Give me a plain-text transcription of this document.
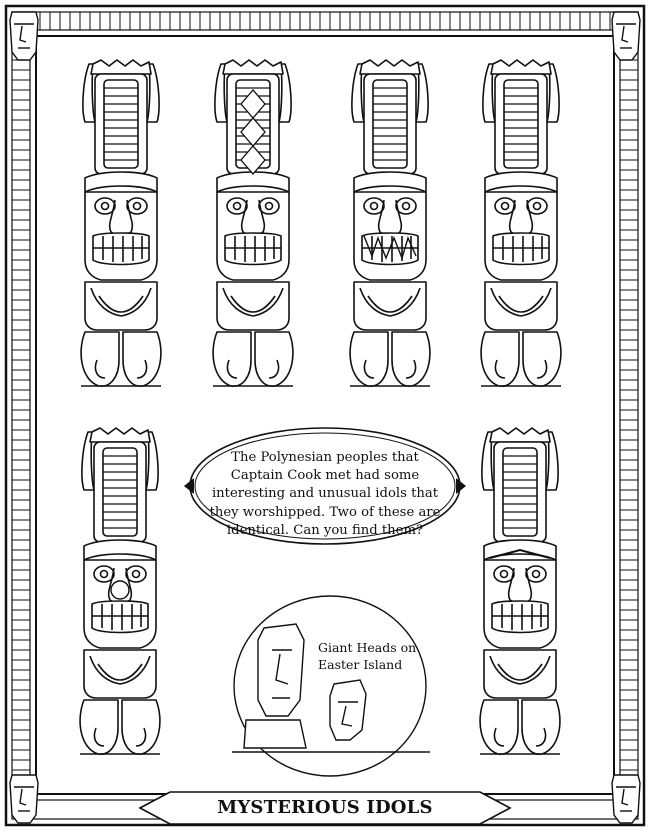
The Polynesian peoples that Captain Cook met had some interesting and unusual idols that they worshipped. Two of these are identical. Can you find them?
Giant Heads on Easter Island
MYSTERIOUS IDOLS
